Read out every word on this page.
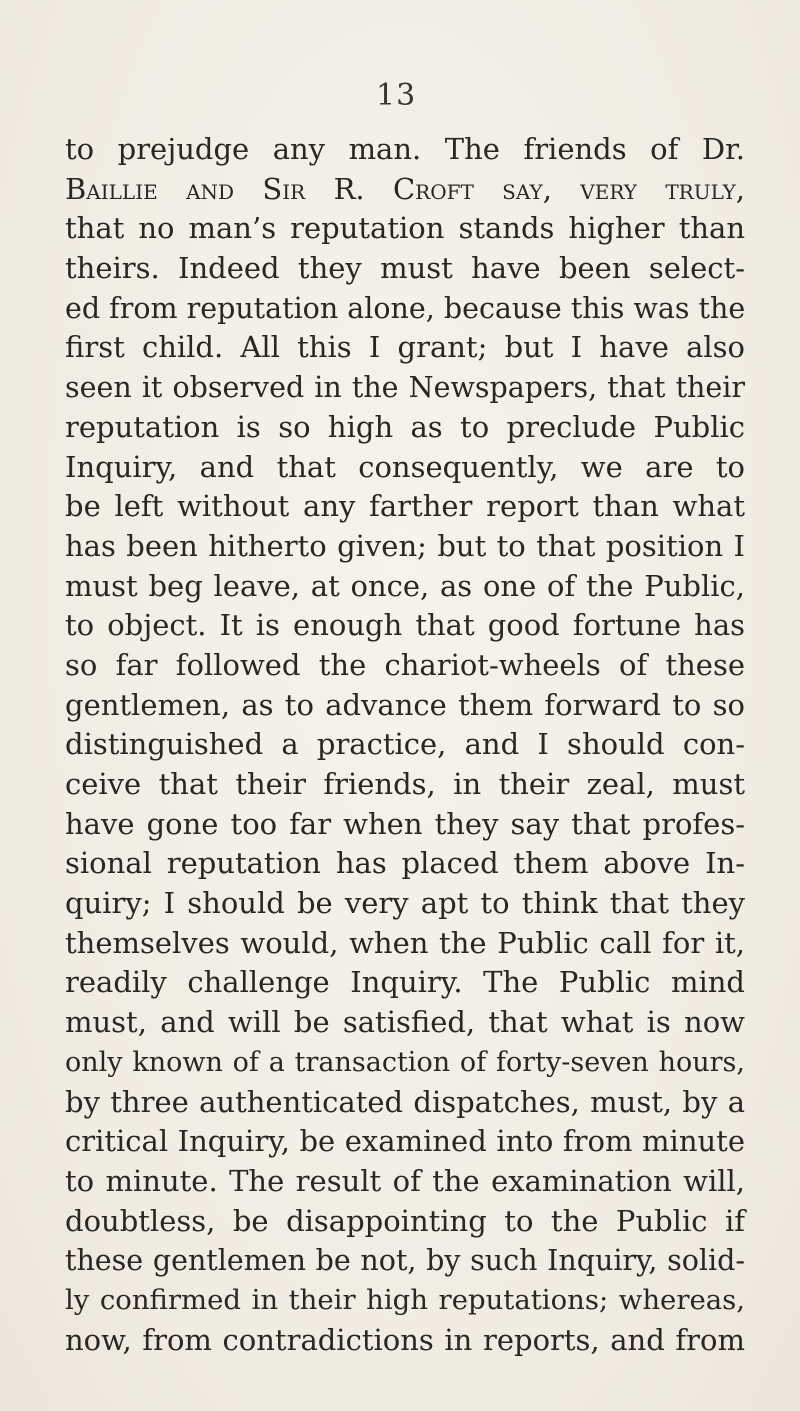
13
to prejudge any man. The friends of Dr.
Baillie and Sir R. Croft say, very truly,
that no man’s reputation stands higher than
theirs. Indeed they must have been select-
ed from reputation alone, because this was the
first child. All this I grant; but I have also
seen it observed in the Newspapers, that their
reputation is so high as to preclude Public
Inquiry, and that consequently, we are to
be left without any farther report than what
has been hitherto given; but to that position I
must beg leave, at once, as one of the Public,
to object. It is enough that good fortune has
so far followed the chariot-wheels of these
gentlemen, as to advance them forward to so
distinguished a practice, and I should con-
ceive that their friends, in their zeal, must
have gone too far when they say that profes-
sional reputation has placed them above In-
quiry; I should be very apt to think that they
themselves would, when the Public call for it,
readily challenge Inquiry. The Public mind
must, and will be satisfied, that what is now
only known of a transaction of forty-seven hours,
by three authenticated dispatches, must, by a
critical Inquiry, be examined into from minute
to minute. The result of the examination will,
doubtless, be disappointing to the Public if
these gentlemen be not, by such Inquiry, solid-
ly confirmed in their high reputations; whereas,
now, from contradictions in reports, and from
